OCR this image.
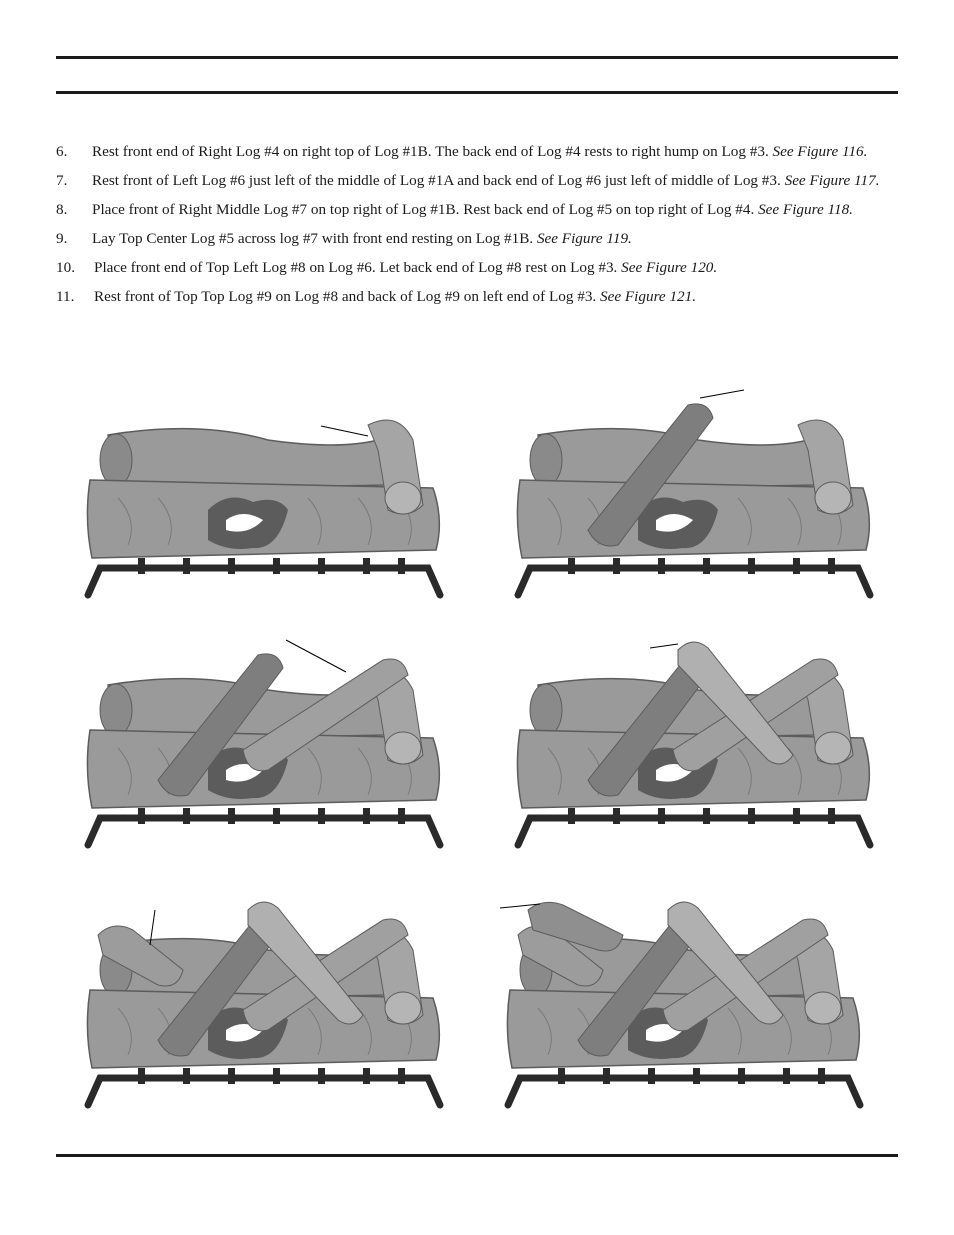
6.	Rest front end of Right Log #4 on right top of Log #1B. The back end of Log #4 rests to right hump on Log #3. See Figure 116.
7.	Rest front of Left Log #6 just left of the middle of Log #1A and back end of Log #6 just left of middle of Log #3. See Figure 117.
8.	Place front of Right Middle Log #7 on top right of Log #1B. Rest back end of Log #5 on top right of Log #4. See Figure 118.
9.	Lay Top Center Log #5 across log #7 with front end resting on Log #1B. See Figure 119.
10.	Place front end of Top Left Log #8 on Log #6. Let back end of Log #8 rest on Log #3. See Figure 120.
11.	Rest front of Top Top Log #9 on Log #8 and back of Log #9 on left end of Log #3. See Figure 121.
